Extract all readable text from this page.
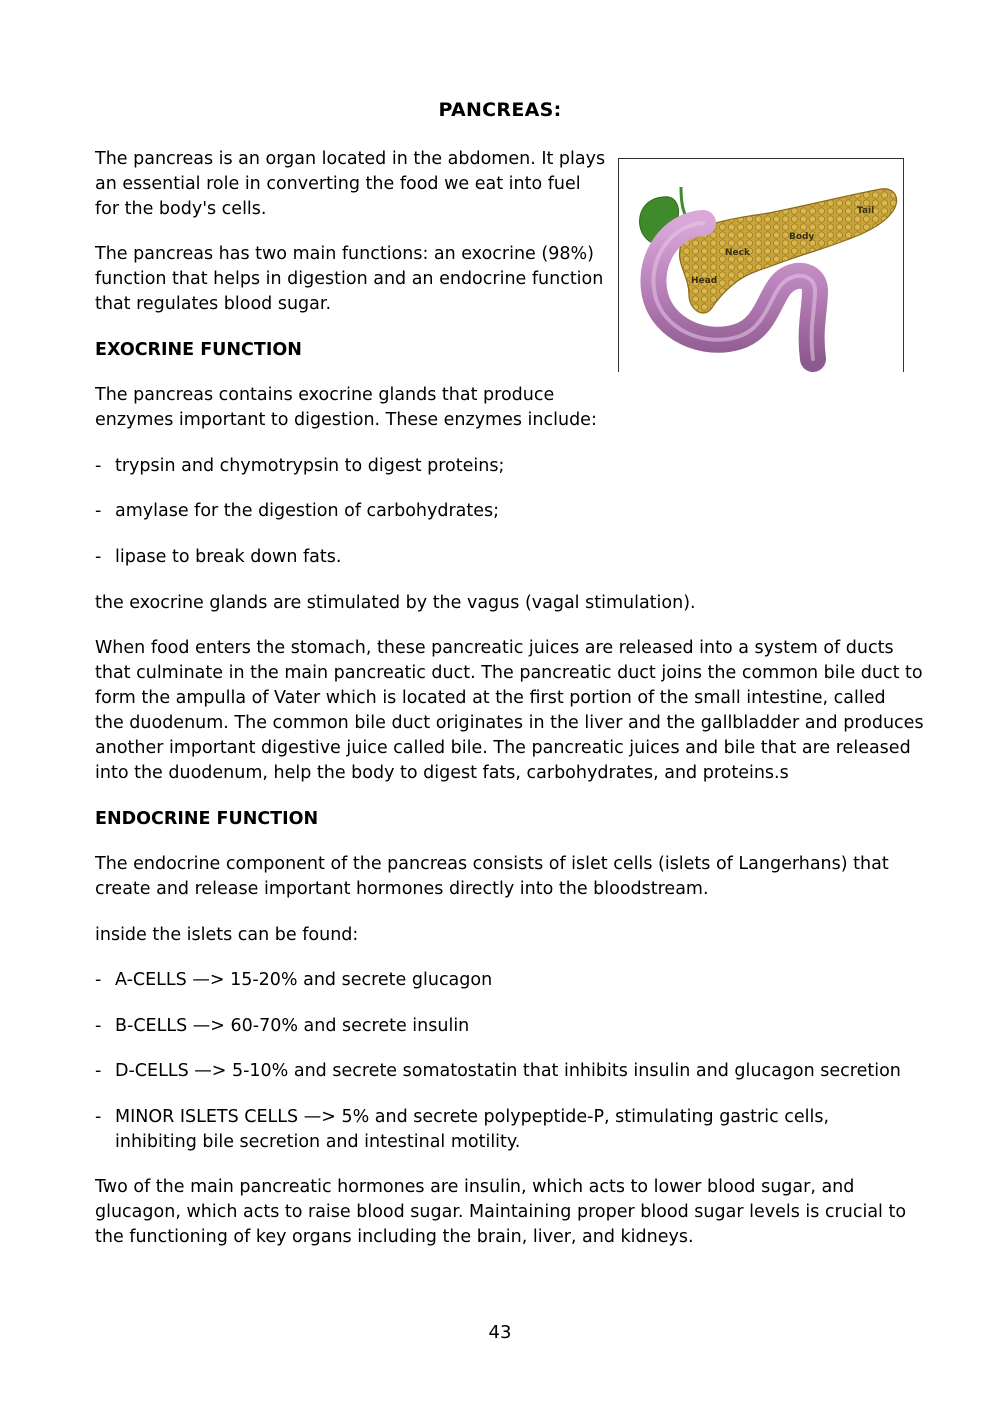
PANCREAS:

The pancreas is an organ located in the abdomen. It plays
an essential role in converting the food we eat into fuel
for the body's cells.

The pancreas has two main functions: an exocrine (98%)
function that helps in digestion and an endocrine function
that regulates blood sugar.

Tail
Body
Neck
Head
EXOCRINE FUNCTION

The pancreas contains exocrine glands that produce
enzymes important to digestion. These enzymes include:

- trypsin and chymotrypsin to digest proteins;
- amylase for the digestion of carbohydrates;
- lipase to break down fats.

the exocrine glands are stimulated by the vagus (vagal stimulation).

When food enters the stomach, these pancreatic juices are released into a system of ducts
that culminate in the main pancreatic duct. The pancreatic duct joins the common bile duct to
form the ampulla of Vater which is located at the first portion of the small intestine, called
the duodenum. The common bile duct originates in the liver and the gallbladder and produces
another important digestive juice called bile. The pancreatic juices and bile that are released
into the duodenum, help the body to digest fats, carbohydrates, and proteins.s

ENDOCRINE FUNCTION

The endocrine component of the pancreas consists of islet cells (islets of Langerhans) that
create and release important hormones directly into the bloodstream.

inside the islets can be found:

- A-CELLS —> 15-20% and secrete glucagon
- B-CELLS —> 60-70% and secrete insulin
- D-CELLS —> 5-10% and secrete somatostatin that inhibits insulin and glucagon secretion
- MINOR ISLETS CELLS —> 5% and secrete polypeptide-P, stimulating gastric cells,
inhibiting bile secretion and intestinal motility.

Two of the main pancreatic hormones are insulin, which acts to lower blood sugar, and
glucagon, which acts to raise blood sugar. Maintaining proper blood sugar levels is crucial to
the functioning of key organs including the brain, liver, and kidneys.

43
